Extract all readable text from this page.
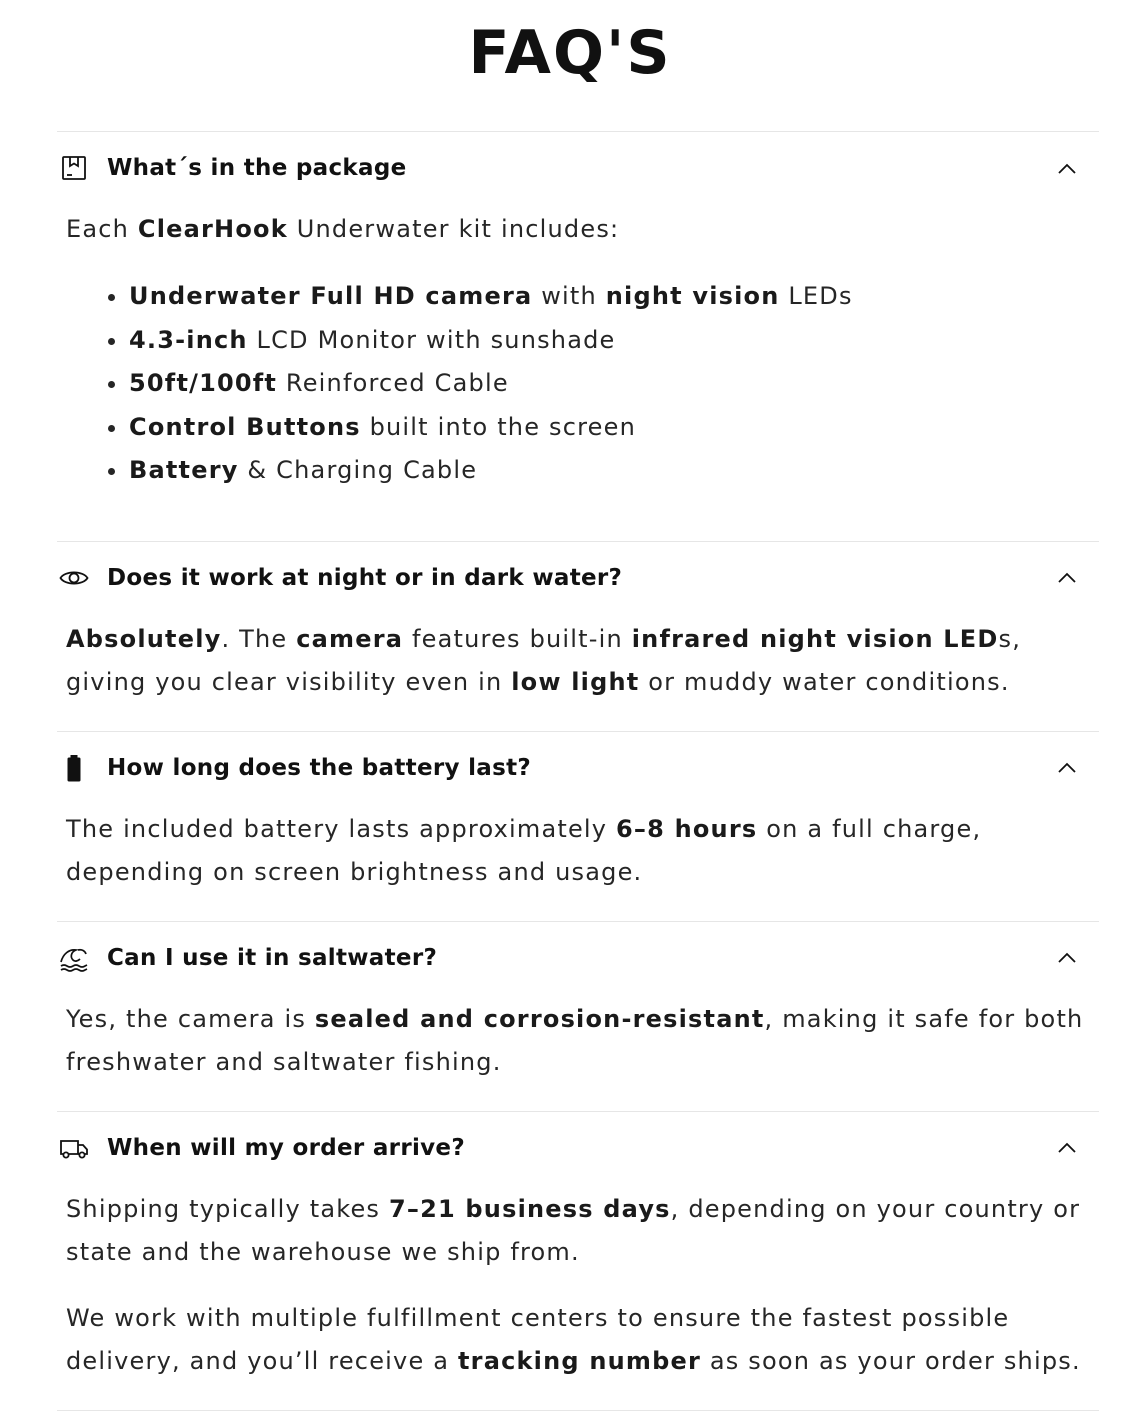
FAQ'S
What´s in the package

Each ClearHook Underwater kit includes:

• Underwater Full HD camera with night vision LEDs
• 4.3-inch LCD Monitor with sunshade
• 50ft/100ft Reinforced Cable
• Control Buttons built into the screen
• Battery & Charging Cable
Does it work at night or in dark water?

Absolutely. The camera features built-in infrared night vision LEDs, giving you clear visibility even in low light or muddy water conditions.

How long does the battery last?

The included battery lasts approximately 6–8 hours on a full charge, depending on screen brightness and usage.

Can I use it in saltwater?

Yes, the camera is sealed and corrosion-resistant, making it safe for both freshwater and saltwater fishing.

When will my order arrive?

Shipping typically takes 7–21 business days, depending on your country or state and the warehouse we ship from.

We work with multiple fulfillment centers to ensure the fastest possible delivery, and you’ll receive a tracking number as soon as your order ships.
